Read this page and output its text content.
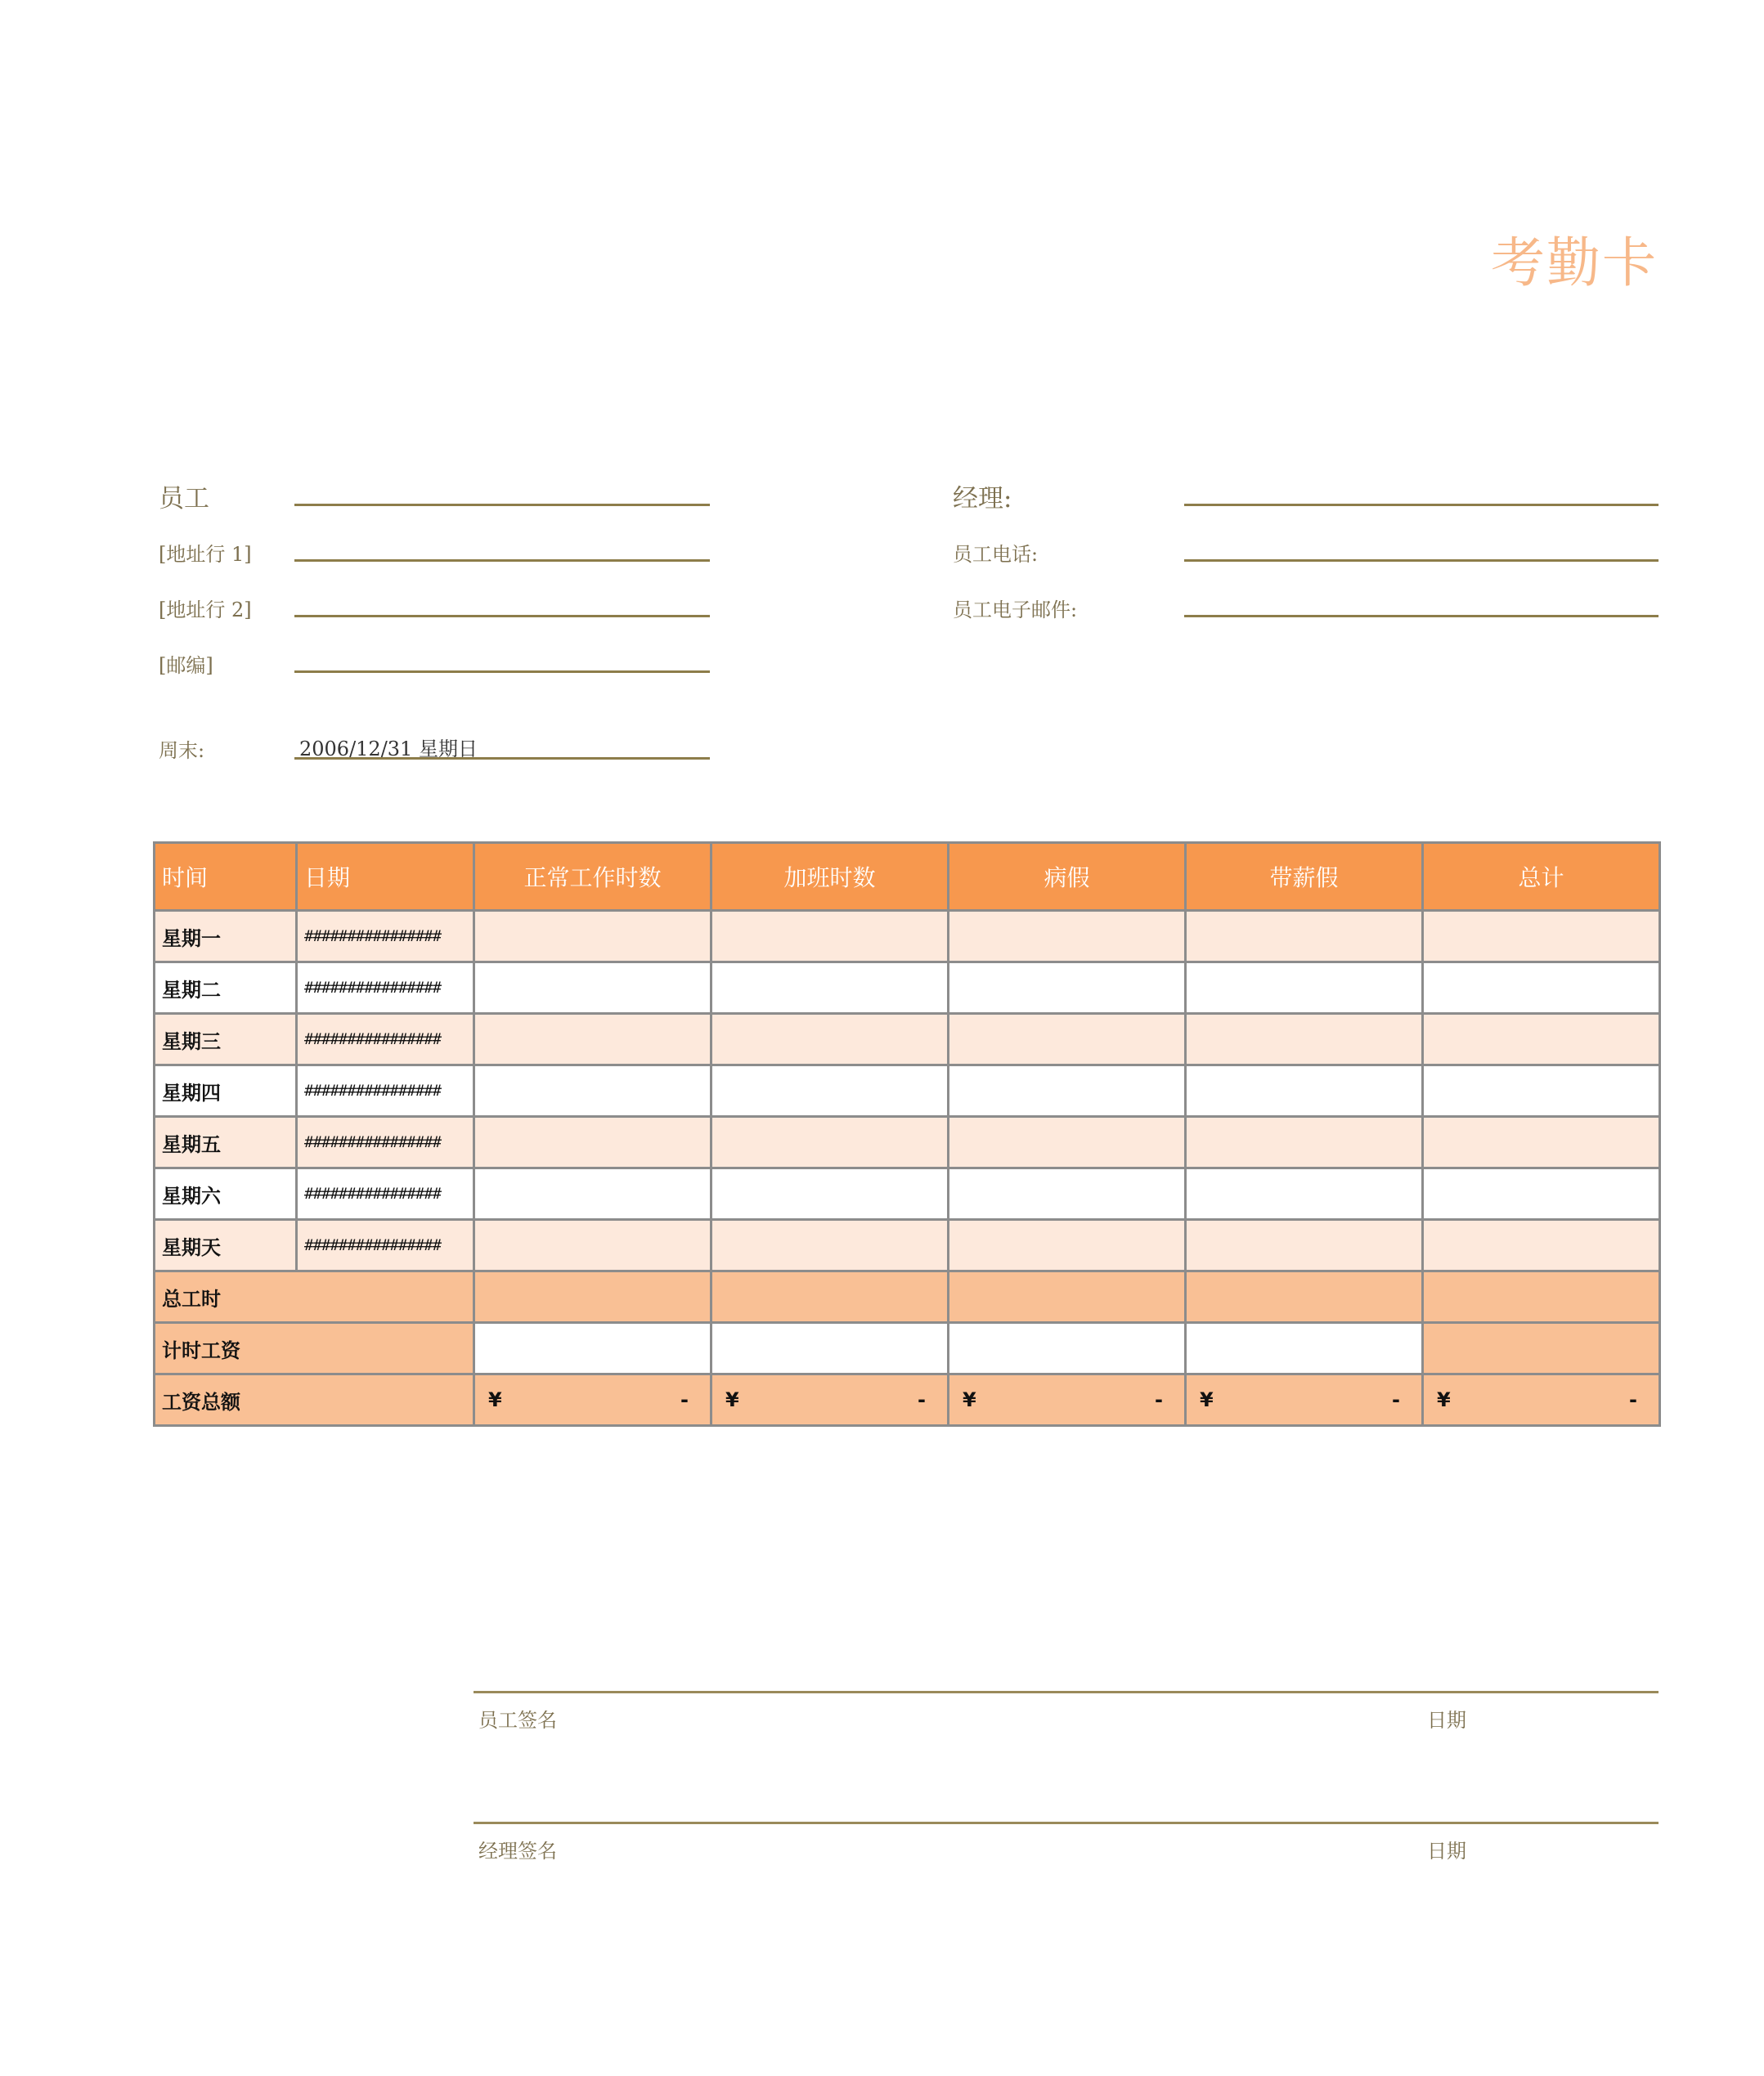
考勤卡
员工
[地址行 1]
[地址行 2]
[邮编]
经理:
员工电话:
员工电子邮件:
周末:	2006/12/31 星期日
时间	日期	正常工作时数	加班时数	病假	带薪假	总计
星期一	################					
星期二	################					
星期三	################					
星期四	################					
星期五	################					
星期六	################					
星期天	################					
总工时						
计时工资						
工资总额		¥ -	¥ -	¥ -	¥ -	¥ -
员工签名	日期
经理签名	日期
